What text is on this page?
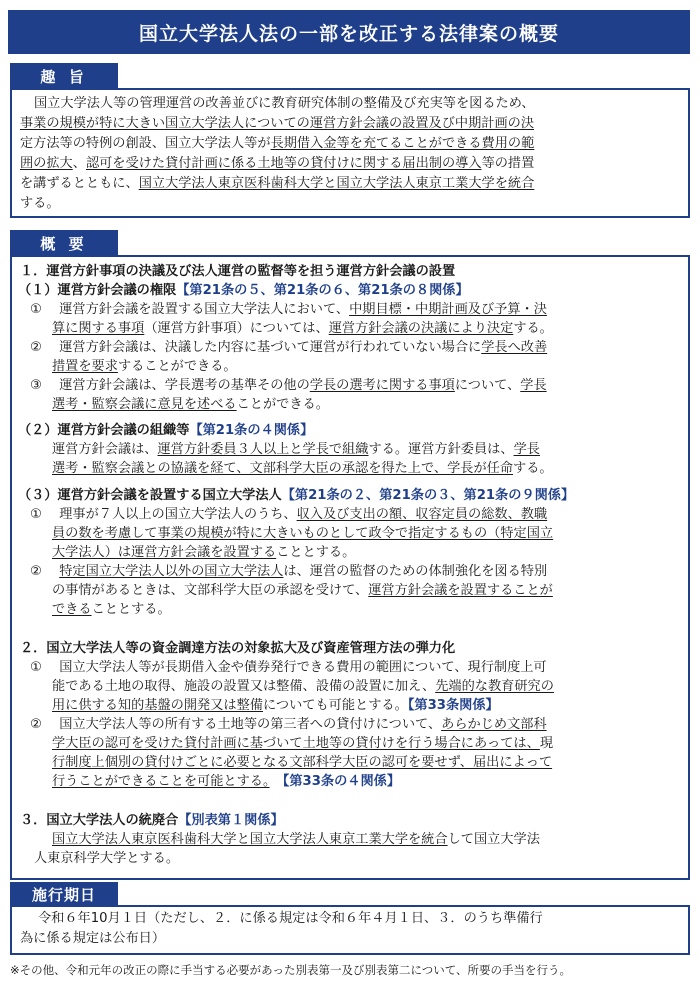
国立大学法人法の一部を改正する法律案の概要
趣 旨
国立大学法人等の管理運営の改善並びに教育研究体制の整備及び充実等を図るため、
事業の規模が特に大きい国立大学法人についての運営方針会議の設置及び中期計画の決
定方法等の特例の創設、国立大学法人等が長期借入金等を充てることができる費用の範
囲の拡大、認可を受けた貸付計画に係る土地等の貸付けに関する届出制の導入等の措置
を講ずるとともに、国立大学法人東京医科歯科大学と国立大学法人東京工業大学を統合
する。
概 要
１．運営方針事項の決議及び法人運営の監督等を担う運営方針会議の設置
（１）運営方針会議の権限【第21条の５、第21条の６、第21条の８関係】
①　 運営方針会議を設置する国立大学法人において、中期目標・中期計画及び予算・決
算に関する事項（運営方針事項）については、運営方針会議の決議により決定する。
②　 運営方針会議は、決議した内容に基づいて運営が行われていない場合に学長へ改善
措置を要求することができる。
③　 運営方針会議は、学長選考の基準その他の学長の選考に関する事項について、学長
選考・監察会議に意見を述べることができる。
（２）運営方針会議の組織等【第21条の４関係】
運営方針会議は、運営方針委員３人以上と学長で組織する。運営方針委員は、学長
選考・監察会議との協議を経て、文部科学大臣の承認を得た上で、学長が任命する。
（３）運営方針会議を設置する国立大学法人【第21条の２、第21条の３、第21条の９関係】
①　 理事が７人以上の国立大学法人のうち、収入及び支出の額、収容定員の総数、教職
員の数を考慮して事業の規模が特に大きいものとして政令で指定するもの（特定国立
大学法人）は運営方針会議を設置することとする。
②　 特定国立大学法人以外の国立大学法人は、運営の監督のための体制強化を図る特別
の事情があるときは、文部科学大臣の承認を受けて、運営方針会議を設置することが
できることとする。
２．国立大学法人等の資金調達方法の対象拡大及び資産管理方法の弾力化
①　 国立大学法人等が長期借入金や債券発行できる費用の範囲について、現行制度上可
能である土地の取得、施設の設置又は整備、設備の設置に加え、先端的な教育研究の
用に供する知的基盤の開発又は整備についても可能とする。【第33条関係】
②　 国立大学法人等の所有する土地等の第三者への貸付けについて、あらかじめ文部科
学大臣の認可を受けた貸付計画に基づいて土地等の貸付けを行う場合にあっては、現
行制度上個別の貸付けごとに必要となる文部科学大臣の認可を要せず、届出によって
行うことができることを可能とする。　 【第33条の４関係】
３．国立大学法人の統廃合【別表第１関係】
国立大学法人東京医科歯科大学と国立大学法人東京工業大学を統合して国立大学法
人東京科学大学とする。
施行期日
令和６年10月１日（ただし、２．に係る規定は令和６年４月１日、３．のうち準備行
為に係る規定は公布日）
※その他、令和元年の改正の際に手当する必要があった別表第一及び別表第二について、所要の手当を行う。
